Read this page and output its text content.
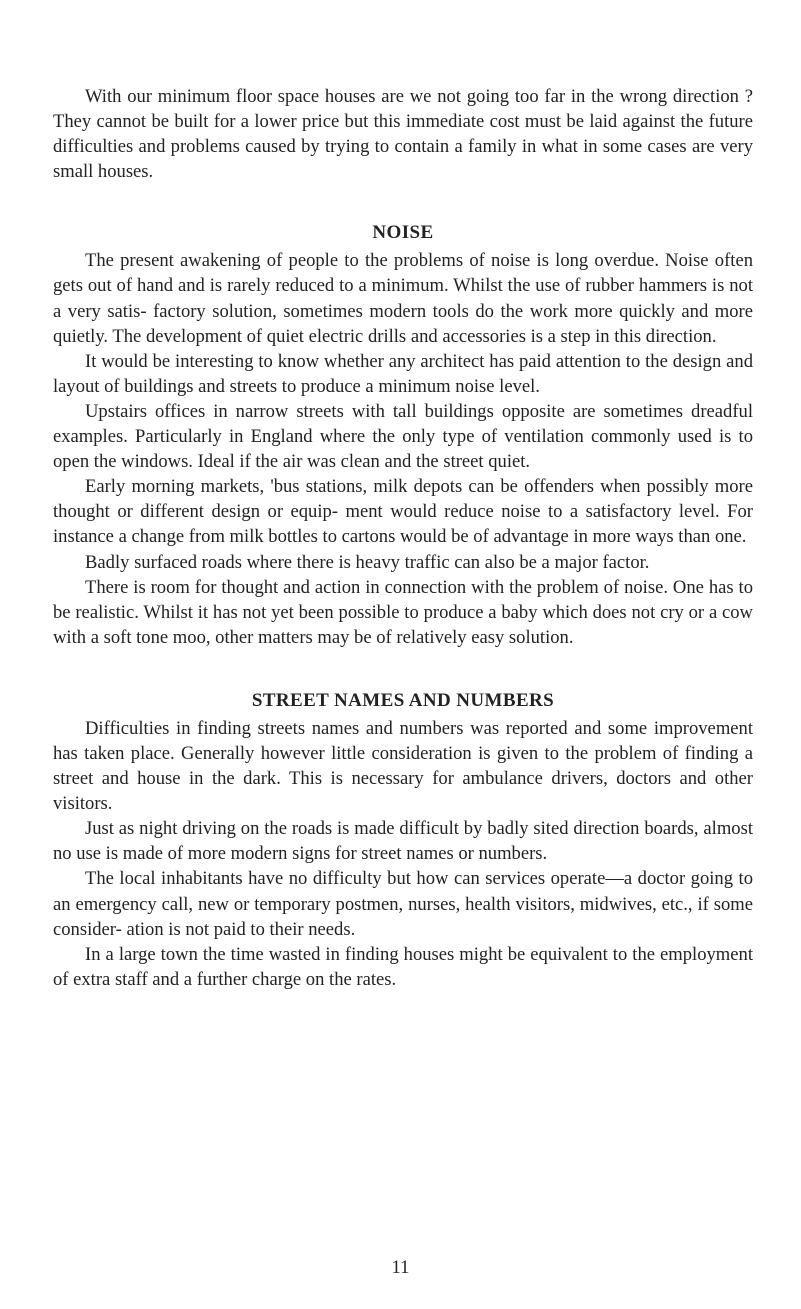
With our minimum floor space houses are we not going too far in the wrong direction ? They cannot be built for a lower price but this immediate cost must be laid against the future difficulties and problems caused by trying to contain a family in what in some cases are very small houses.

NOISE

The present awakening of people to the problems of noise is long overdue. Noise often gets out of hand and is rarely reduced to a minimum. Whilst the use of rubber hammers is not a very satis- factory solution, sometimes modern tools do the work more quickly and more quietly. The development of quiet electric drills and accessories is a step in this direction.

It would be interesting to know whether any architect has paid attention to the design and layout of buildings and streets to produce a minimum noise level.

Upstairs offices in narrow streets with tall buildings opposite are sometimes dreadful examples. Particularly in England where the only type of ventilation commonly used is to open the windows. Ideal if the air was clean and the street quiet.

Early morning markets, 'bus stations, milk depots can be offenders when possibly more thought or different design or equip- ment would reduce noise to a satisfactory level. For instance a change from milk bottles to cartons would be of advantage in more ways than one.

Badly surfaced roads where there is heavy traffic can also be a major factor.

There is room for thought and action in connection with the problem of noise. One has to be realistic. Whilst it has not yet been possible to produce a baby which does not cry or a cow with a soft tone moo, other matters may be of relatively easy solution.

STREET NAMES AND NUMBERS

Difficulties in finding streets names and numbers was reported and some improvement has taken place. Generally however little consideration is given to the problem of finding a street and house in the dark. This is necessary for ambulance drivers, doctors and other visitors.

Just as night driving on the roads is made difficult by badly sited direction boards, almost no use is made of more modern signs for street names or numbers.

The local inhabitants have no difficulty but how can services operate—a doctor going to an emergency call, new or temporary postmen, nurses, health visitors, midwives, etc., if some consider- ation is not paid to their needs.

In a large town the time wasted in finding houses might be equivalent to the employment of extra staff and a further charge on the rates.

11
